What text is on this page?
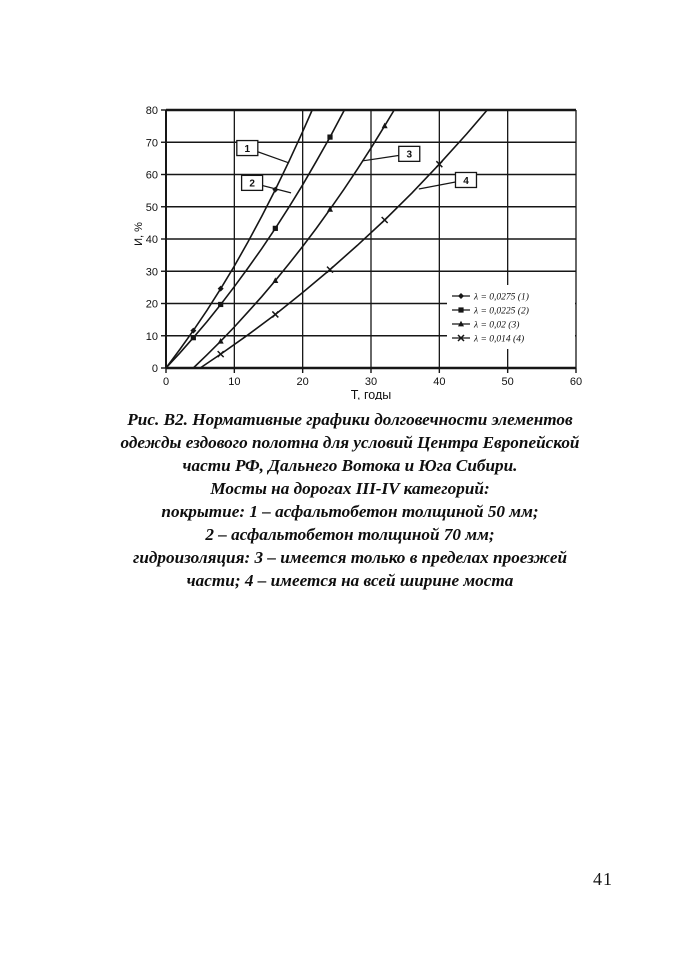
0	10	20	30	40	50	60
0
10
20
30
40
50
60
70
80
Т, годы
И, %
λ = 0,0275 (1)
λ = 0,0225 (2)
λ = 0,02 (3)
λ = 0,014 (4)
1
2
3
4
Рис. В2. Нормативные графики долговечности элементов
одежды ездового полотна для условий Центра Европейской
части РФ, Дальнего Вотока и Юга Сибири.
Мосты на дорогах III-IV категорий:
покрытие: 1 – асфальтобетон толщиной 50 мм;
2 – асфальтобетон толщиной 70 мм;
гидроизоляция: 3 – имеется только в пределах проезжей
части; 4 – имеется на всей ширине моста
41
